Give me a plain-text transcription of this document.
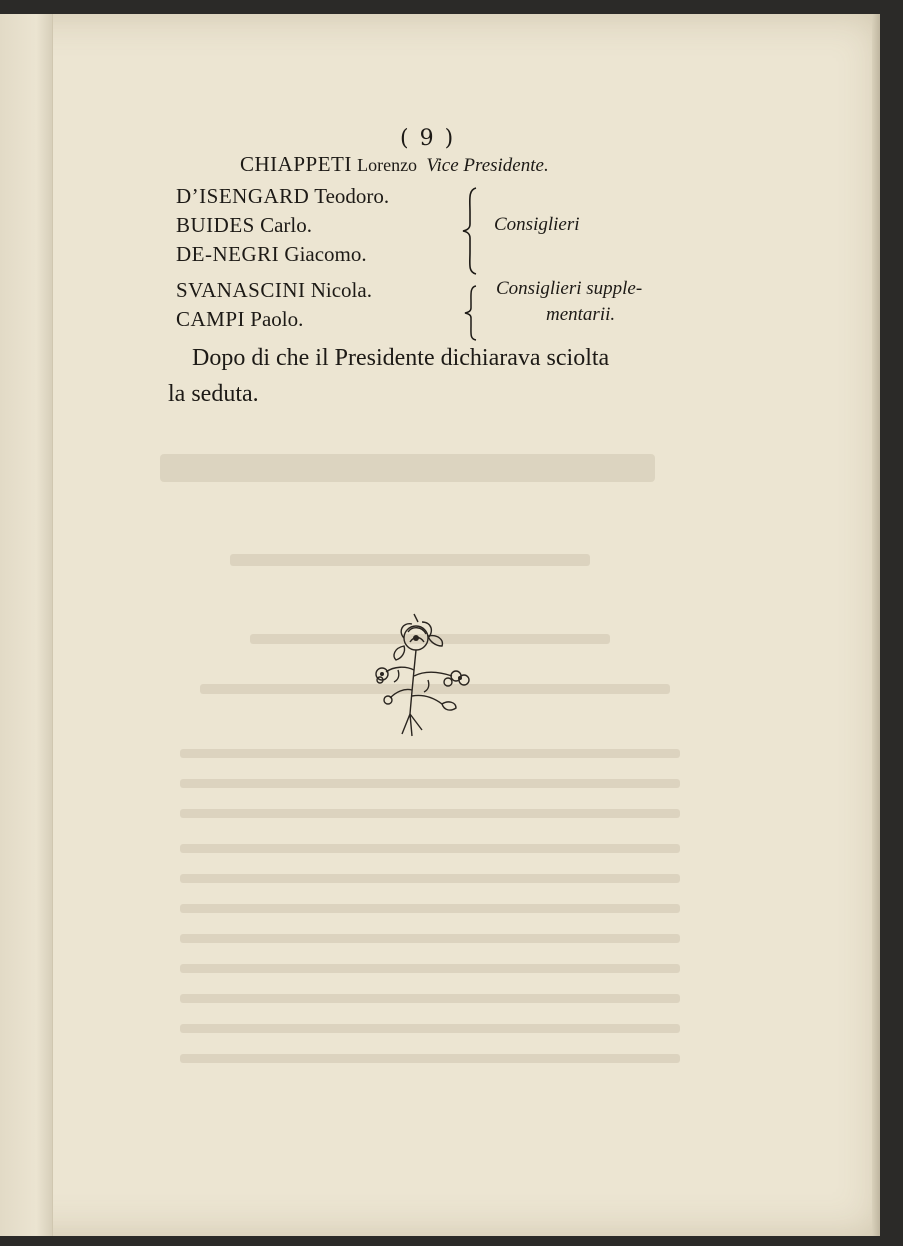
( 9 )
CHIAPPETI Lorenzo Vice Presidente.
D’ISENGARD Teodoro.
BUIDES Carlo.
DE-NEGRI Giacomo.
SVANASCINI Nicola.
CAMPI Paolo.
Consiglieri
Consiglieri supple-
mentarii.
Dopo di che il Presidente dichiarava sciolta
la seduta.
